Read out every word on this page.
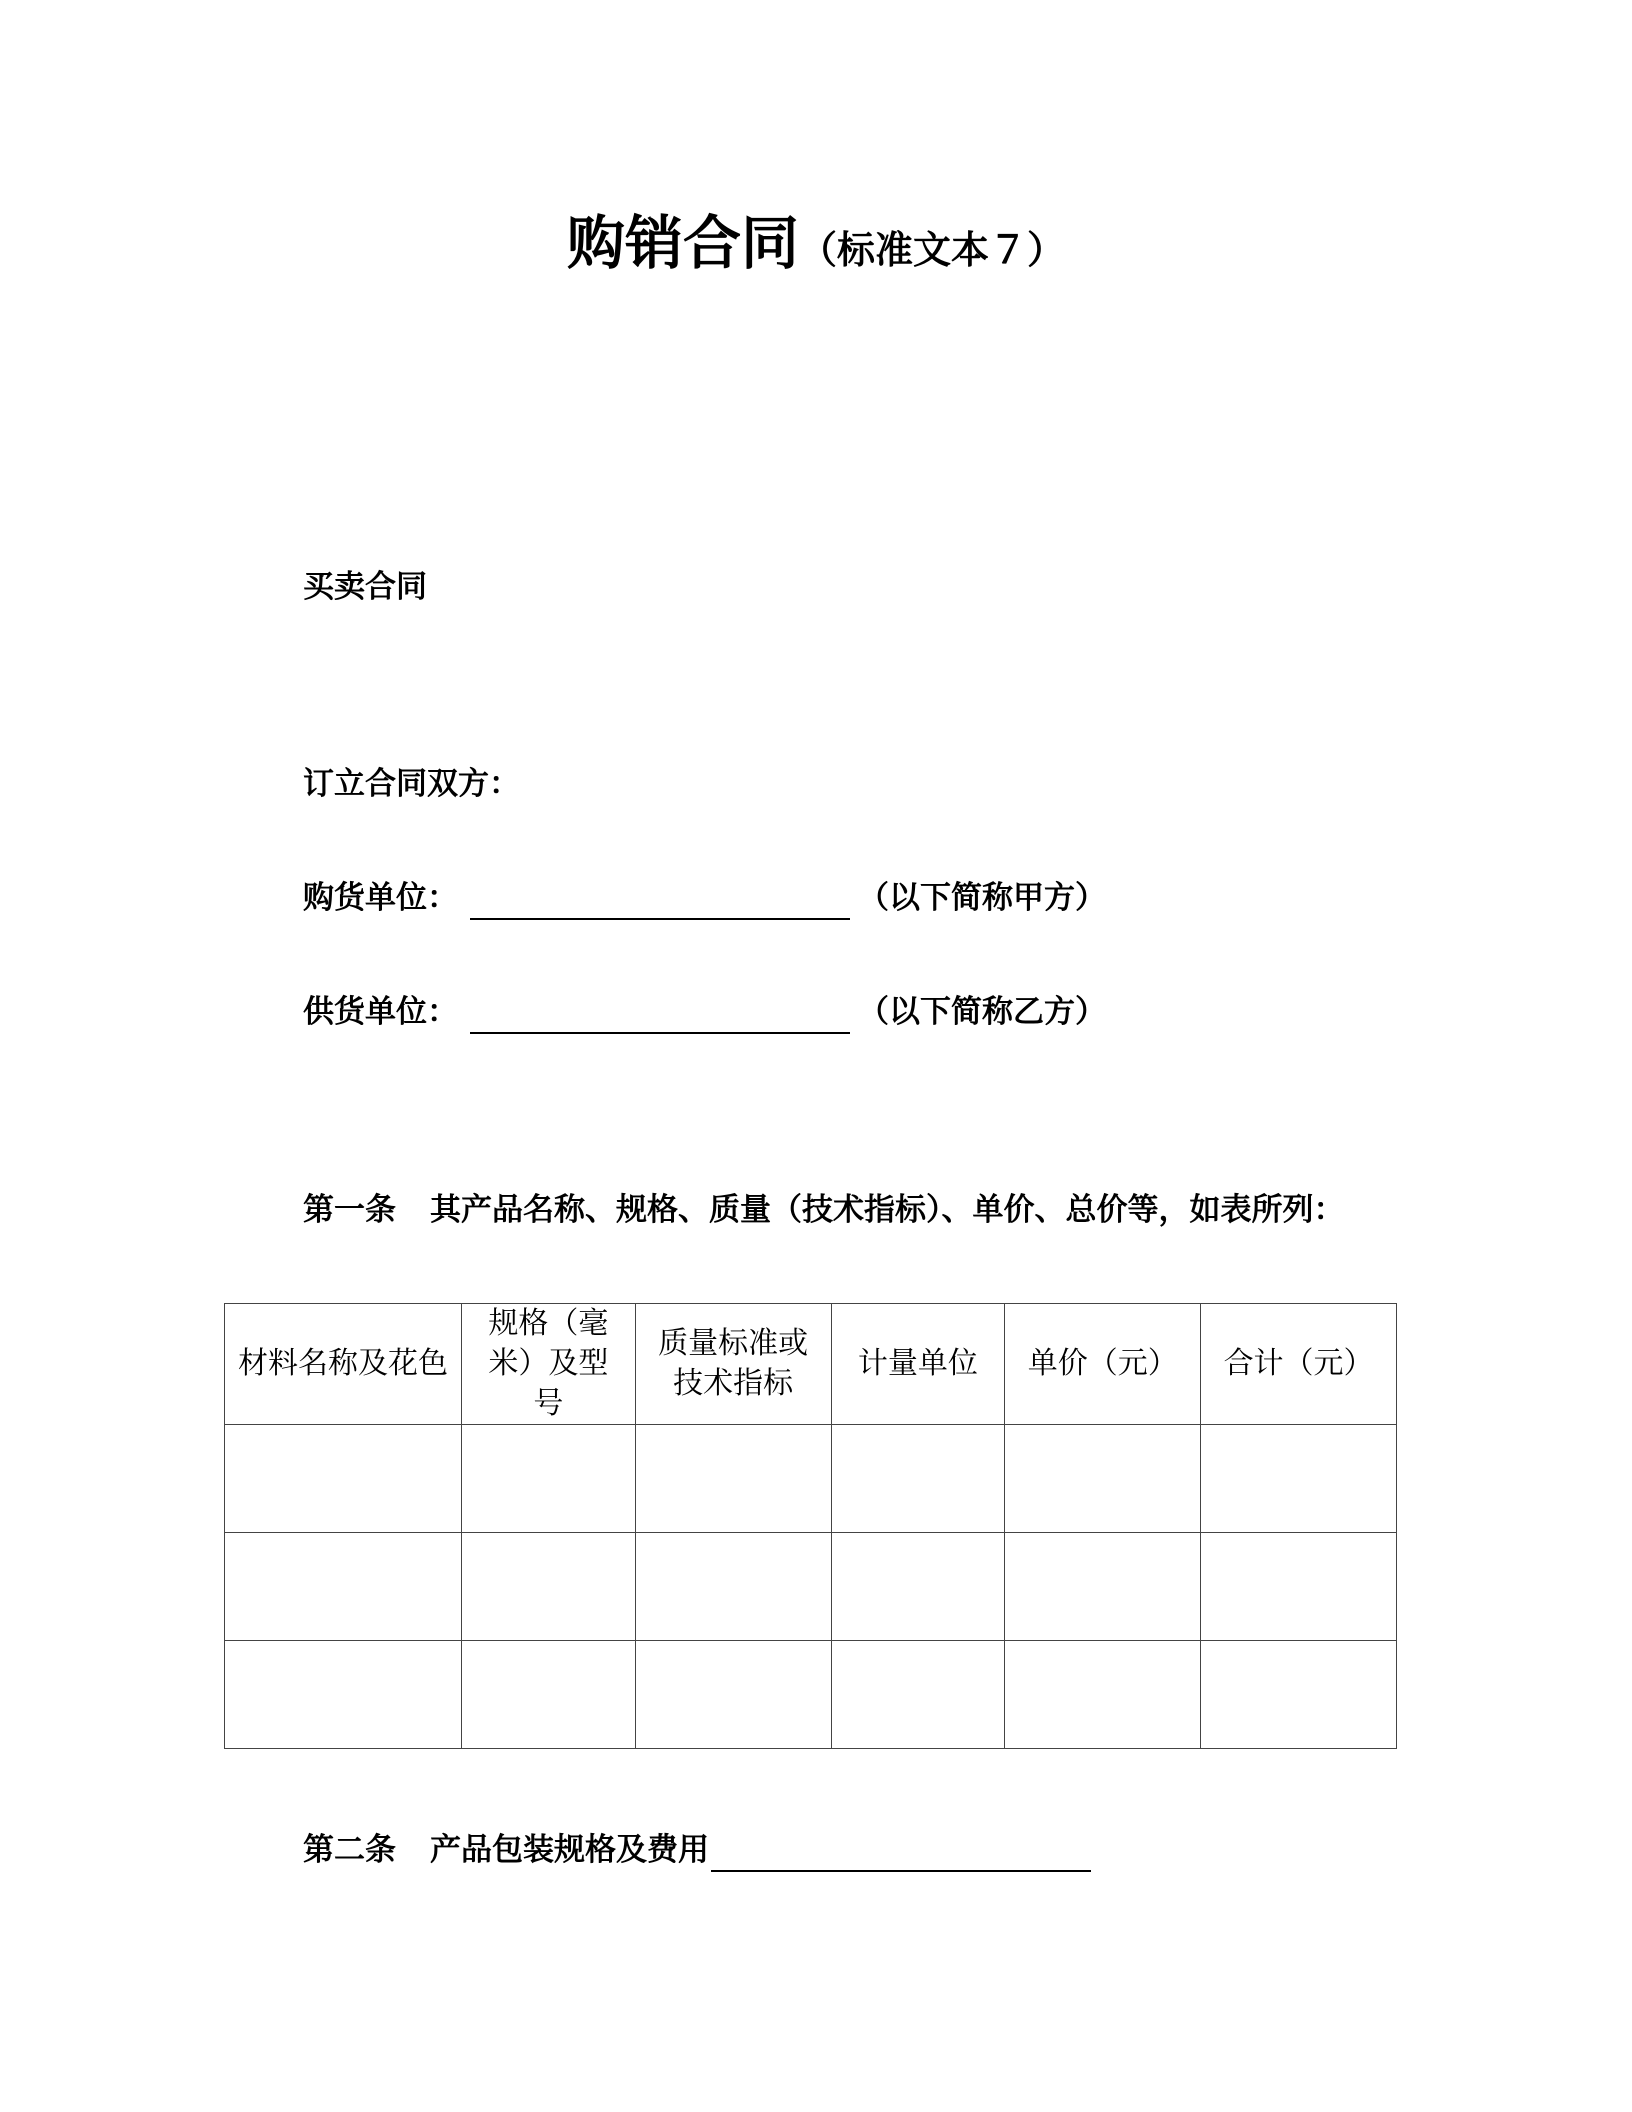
购销合同（标准文本７）
买卖合同
订立合同双方：
购货单位：	（以下简称甲方）
供货单位：	（以下简称乙方）
第一条 其产品名称、规格、质量（技术指标）、单价、总价等，如表所列：
材料名称及花色	规格（毫米）及型号	质量标准或技术指标	计量单位	单价（元）	合计（元）

第二条 产品包装规格及费用
